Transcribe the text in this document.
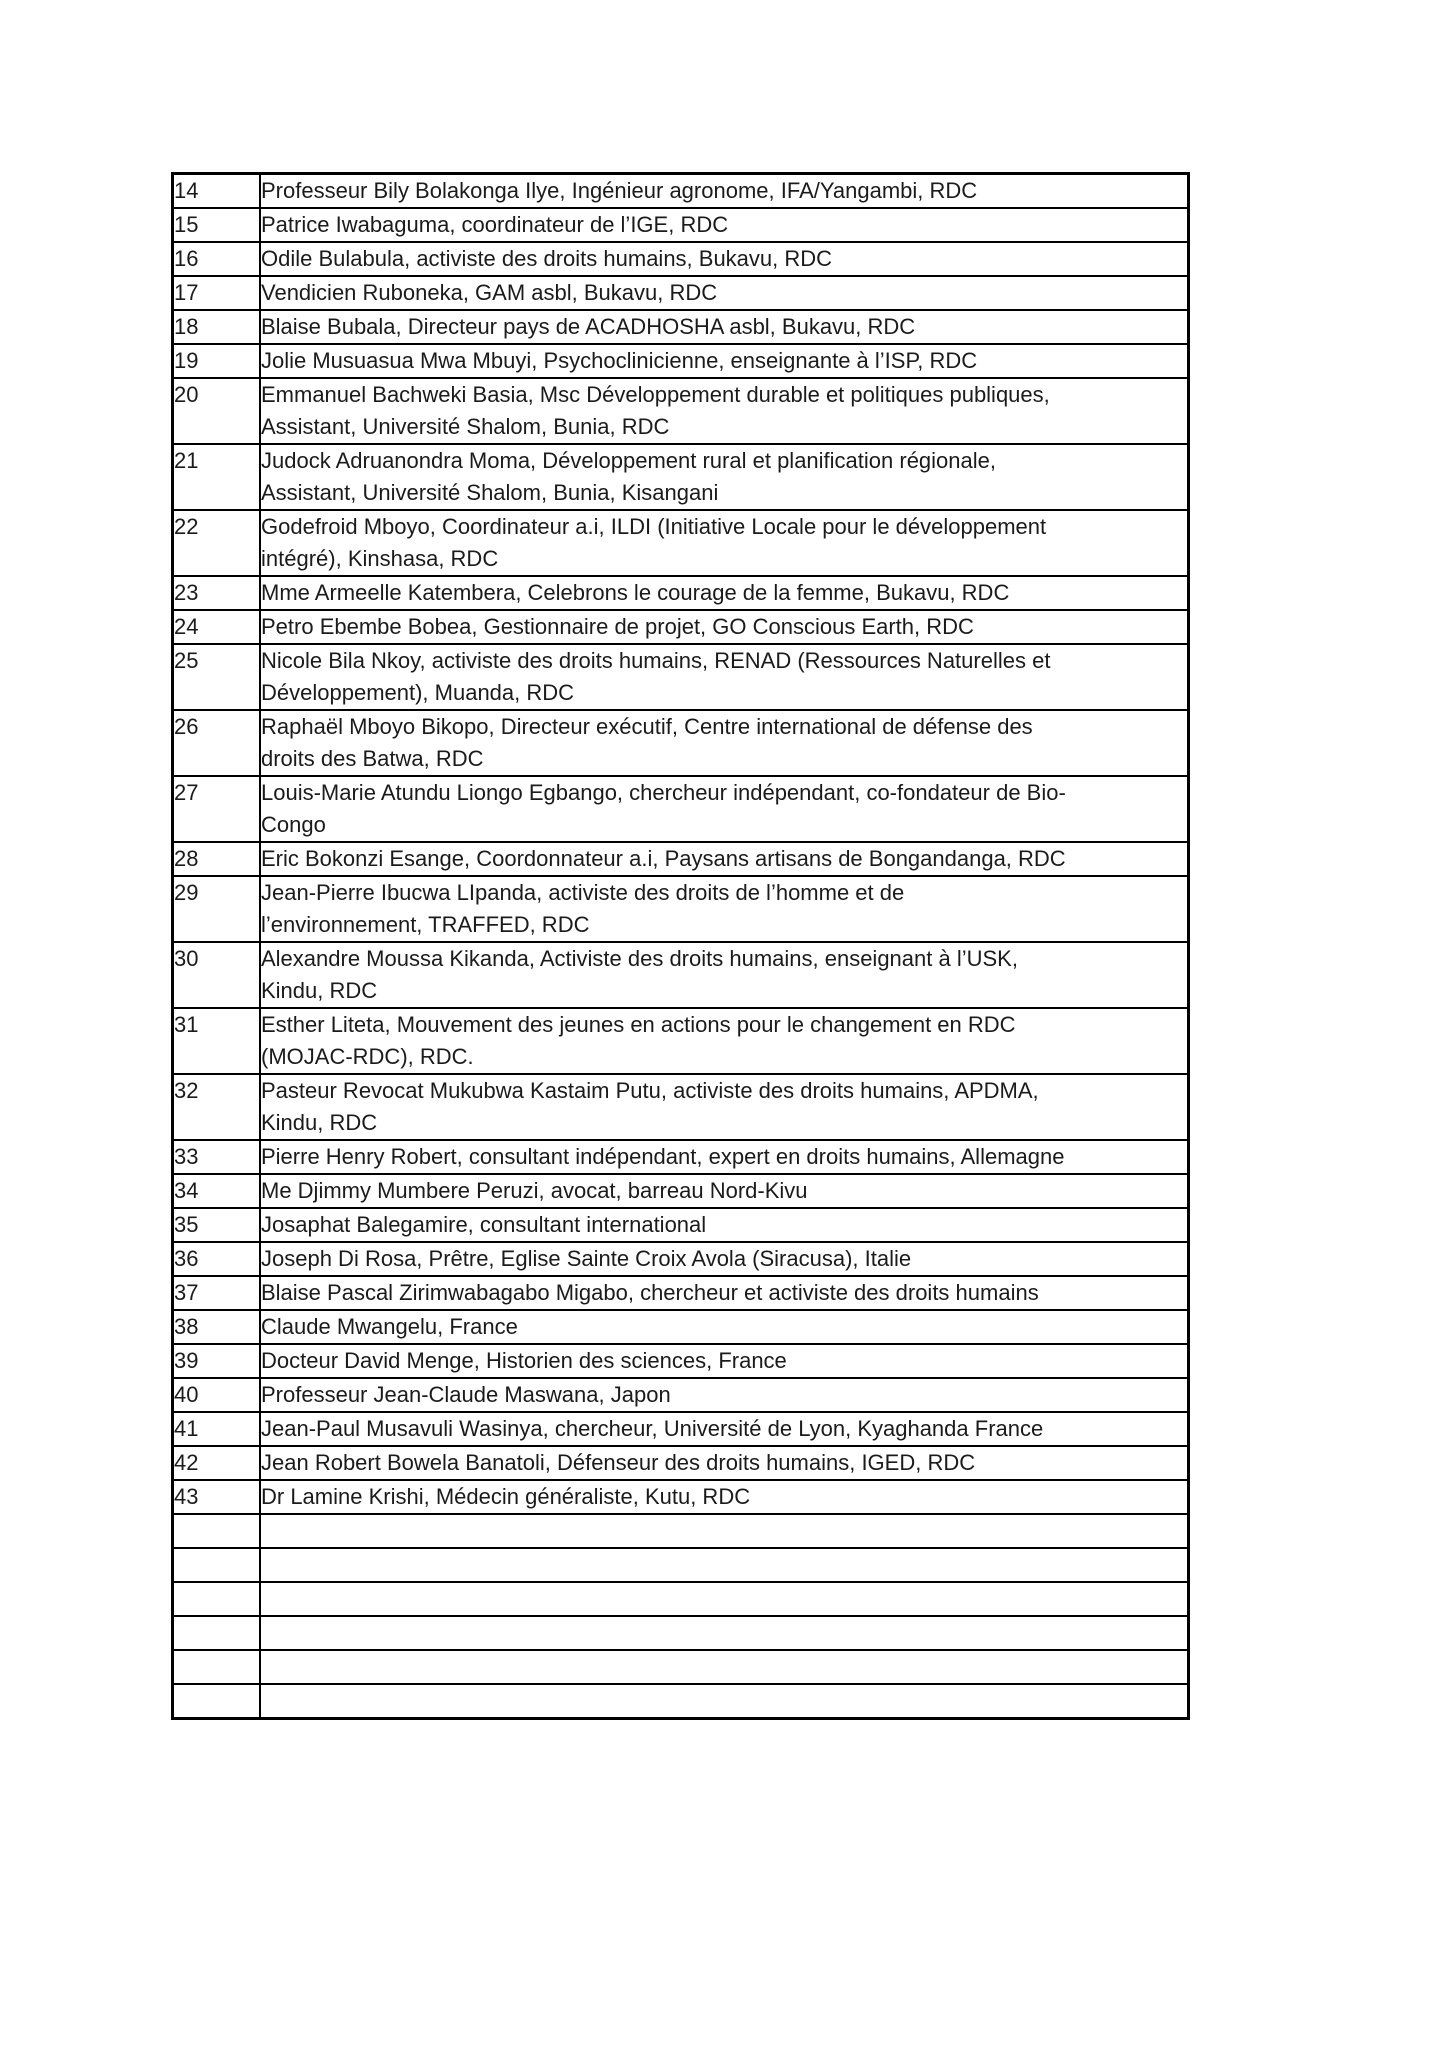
14	Professeur Bily Bolakonga Ilye, Ingénieur agronome, IFA/Yangambi, RDC

15	Patrice Iwabaguma, coordinateur de l’IGE, RDC

16	Odile Bulabula, activiste des droits humains, Bukavu, RDC

17	Vendicien Ruboneka, GAM asbl, Bukavu, RDC

18	Blaise Bubala, Directeur pays de ACADHOSHA asbl, Bukavu, RDC

19	Jolie Musuasua Mwa Mbuyi, Psychoclinicienne, enseignante à l’ISP, RDC

20	Emmanuel Bachweki Basia, Msc Développement durable et politiques publiques,
Assistant, Université Shalom, Bunia, RDC

21	Judock Adruanondra Moma, Développement rural et planification régionale,
Assistant, Université Shalom, Bunia, Kisangani

22	Godefroid Mboyo, Coordinateur a.i, ILDI (Initiative Locale pour le développement
intégré), Kinshasa, RDC

23	Mme Armeelle Katembera, Celebrons le courage de la femme, Bukavu, RDC

24	Petro Ebembe Bobea, Gestionnaire de projet, GO Conscious Earth, RDC

25	Nicole Bila Nkoy, activiste des droits humains, RENAD (Ressources Naturelles et
Développement), Muanda, RDC

26	Raphaël Mboyo Bikopo, Directeur exécutif, Centre international de défense des
droits des Batwa, RDC

27	Louis-Marie Atundu Liongo Egbango, chercheur indépendant, co-fondateur de Bio-
Congo

28	Eric Bokonzi Esange, Coordonnateur a.i, Paysans artisans de Bongandanga, RDC

29	Jean-Pierre Ibucwa LIpanda, activiste des droits de l’homme et de
l’environnement, TRAFFED, RDC

30	Alexandre Moussa Kikanda, Activiste des droits humains, enseignant à l’USK,
Kindu, RDC

31	Esther Liteta, Mouvement des jeunes en actions pour le changement en RDC
(MOJAC-RDC), RDC.

32	Pasteur Revocat Mukubwa Kastaim Putu, activiste des droits humains, APDMA,
Kindu, RDC

33	Pierre Henry Robert, consultant indépendant, expert en droits humains, Allemagne

34	Me Djimmy Mumbere Peruzi, avocat, barreau Nord-Kivu

35	Josaphat Balegamire, consultant international

36	Joseph Di Rosa, Prêtre, Eglise Sainte Croix Avola (Siracusa), Italie

37	Blaise Pascal Zirimwabagabo Migabo, chercheur et activiste des droits humains

38	Claude Mwangelu, France

39	Docteur David Menge, Historien des sciences, France

40	Professeur Jean-Claude Maswana, Japon

41	Jean-Paul Musavuli Wasinya, chercheur, Université de Lyon, Kyaghanda France

42	Jean Robert Bowela Banatoli, Défenseur des droits humains, IGED, RDC

43	Dr Lamine Krishi, Médecin généraliste, Kutu, RDC
